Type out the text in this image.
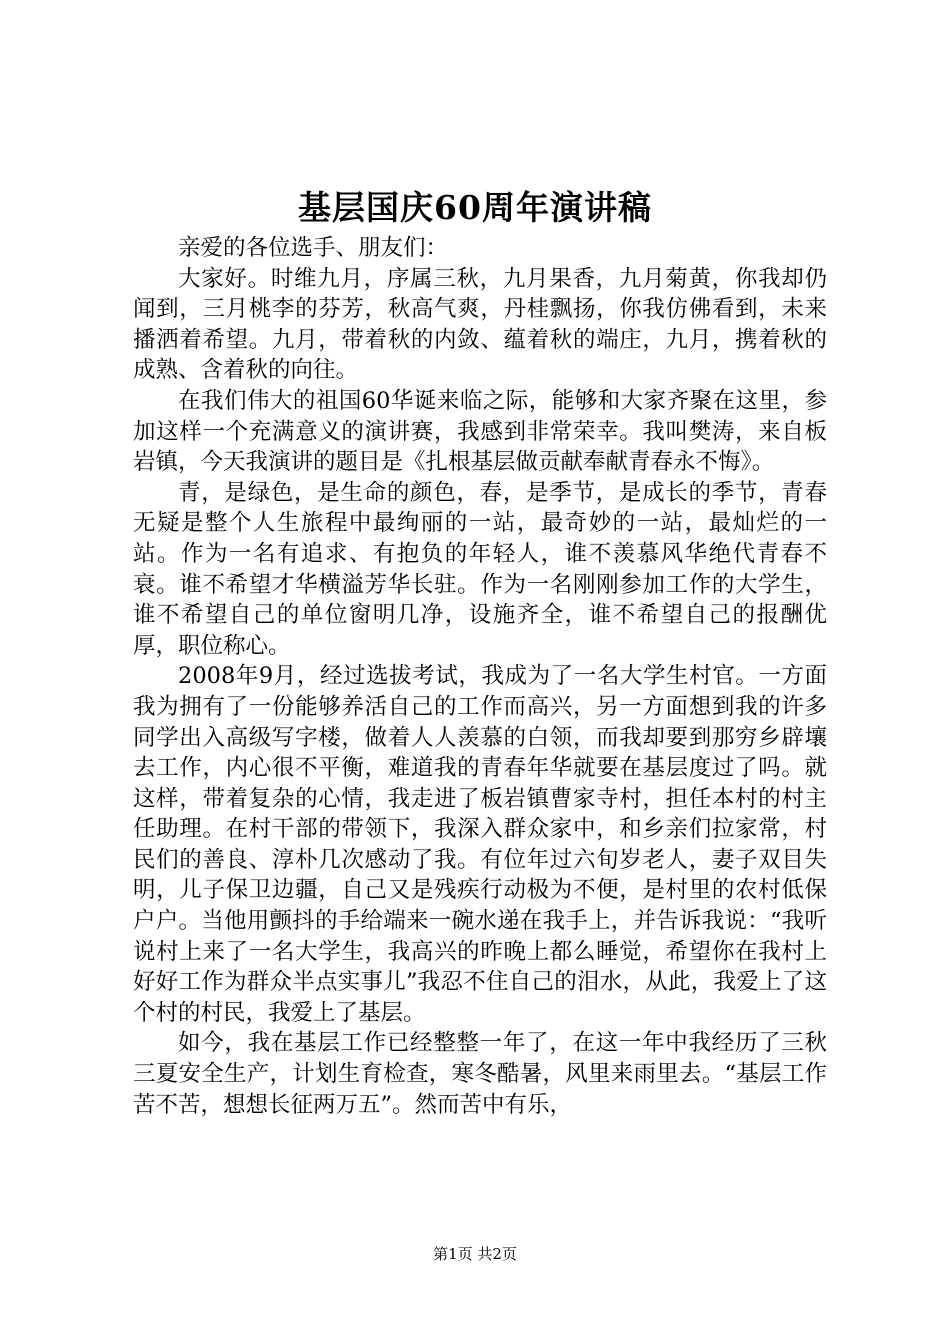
基层国庆60周年演讲稿

亲爱的各位选手、朋友们：

大家好。时维九月，序属三秋，九月果香，九月菊黄，你我却仍闻到，三月桃李的芬芳，秋高气爽，丹桂飘扬，你我仿佛看到，未来播洒着希望。九月，带着秋的内敛、蕴着秋的端庄，九月，携着秋的成熟、含着秋的向往。

在我们伟大的祖国60华诞来临之际，能够和大家齐聚在这里，参加这样一个充满意义的演讲赛，我感到非常荣幸。我叫樊涛，来自板岩镇，今天我演讲的题目是《扎根基层做贡献奉献青春永不悔》。

青，是绿色，是生命的颜色，春，是季节，是成长的季节，青春无疑是整个人生旅程中最绚丽的一站，最奇妙的一站，最灿烂的一站。作为一名有追求、有抱负的年轻人，谁不羡慕风华绝代青春不衰。谁不希望才华横溢芳华长驻。作为一名刚刚参加工作的大学生，谁不希望自己的单位窗明几净，设施齐全，谁不希望自己的报酬优厚，职位称心。

2008年9月，经过选拔考试，我成为了一名大学生村官。一方面我为拥有了一份能够养活自己的工作而高兴，另一方面想到我的许多同学出入高级写字楼，做着人人羡慕的白领，而我却要到那穷乡辟壤去工作，内心很不平衡，难道我的青春年华就要在基层度过了吗。就这样，带着复杂的心情，我走进了板岩镇曹家寺村，担任本村的村主任助理。在村干部的带领下，我深入群众家中，和乡亲们拉家常，村民们的善良、淳朴几次感动了我。有位年过六旬岁老人，妻子双目失明，儿子保卫边疆，自己又是残疾行动极为不便，是村里的农村低保户户。当他用颤抖的手给端来一碗水递在我手上，并告诉我说：“我听说村上来了一名大学生，我高兴的昨晚上都么睡觉，希望你在我村上好好工作为群众半点实事儿”我忍不住自己的泪水，从此，我爱上了这个村的村民，我爱上了基层。

如今，我在基层工作已经整整一年了，在这一年中我经历了三秋三夏安全生产，计划生育检查，寒冬酷暑，风里来雨里去。“基层工作苦不苦，想想长征两万五”。然而苦中有乐，

第1页 共2页
